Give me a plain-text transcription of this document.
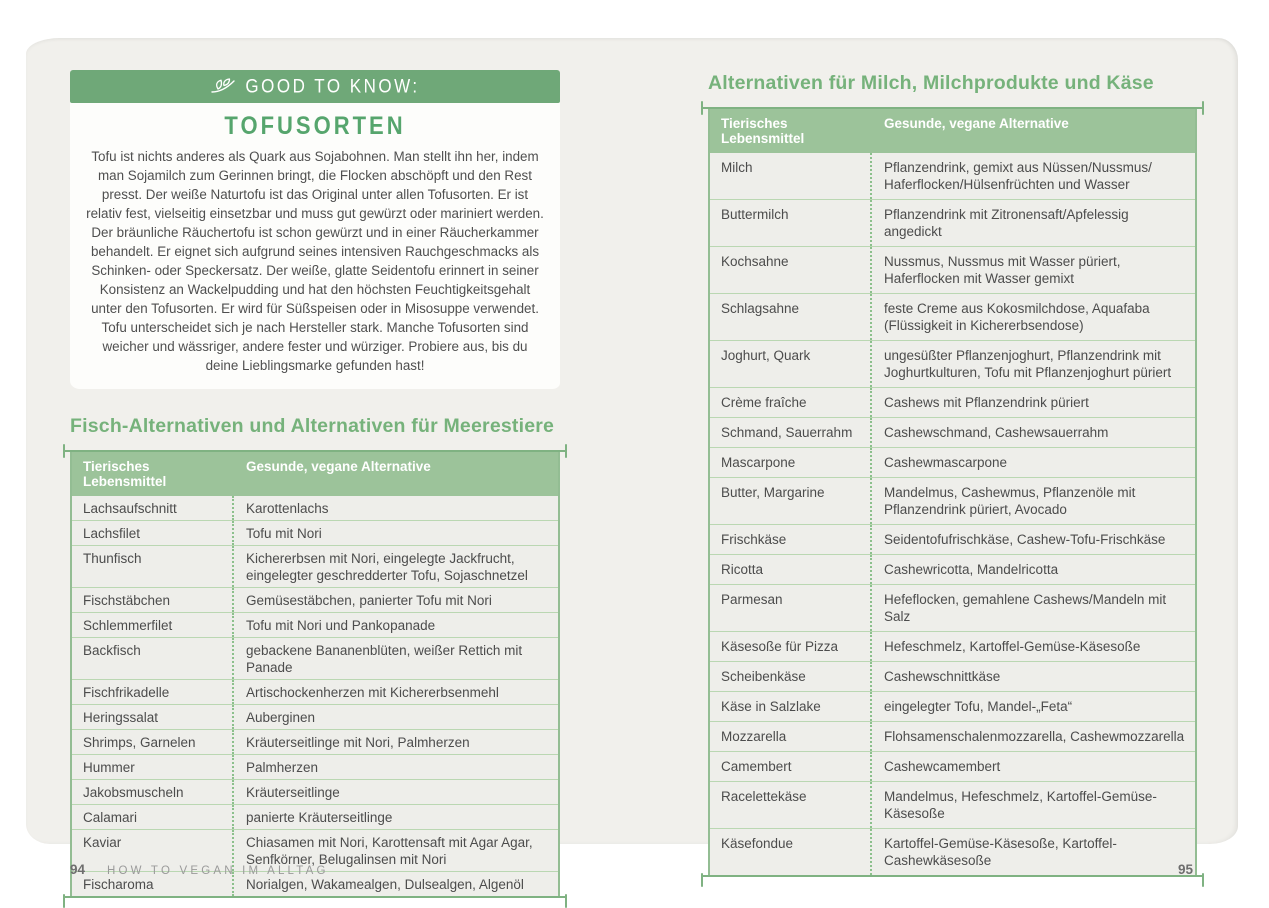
GOOD TO KNOW:
TOFUSORTEN

Tofu ist nichts anderes als Quark aus Sojabohnen. Man stellt ihn her, indem man Sojamilch zum Gerinnen bringt, die Flocken abschöpft und den Rest presst. Der weiße Naturtofu ist das Original unter allen Tofusorten. Er ist relativ fest, vielseitig einsetzbar und muss gut gewürzt oder mariniert werden. Der bräunliche Räuchertofu ist schon gewürzt und in einer Räucherkammer behandelt. Er eignet sich aufgrund seines intensiven Rauchgeschmacks als Schinken- oder Speckersatz. Der weiße, glatte Seidentofu erinnert in seiner Konsistenz an Wackelpudding und hat den höchsten Feuchtigkeitsgehalt unter den Tofusorten. Er wird für Süßspeisen oder in Misosuppe verwendet. Tofu unterscheidet sich je nach Hersteller stark. Manche Tofusorten sind weicher und wässriger, andere fester und würziger. Probiere aus, bis du deine Lieblingsmarke gefunden hast!

Fisch-Alternativen und Alternativen für Meerestiere
Tierisches Lebensmittel
Gesunde, vegane Alternative
Lachsaufschnitt	Karottenlachs
Lachsfilet	Tofu mit Nori
Thunfisch	Kichererbsen mit Nori, eingelegte Jackfrucht, eingelegter geschredderter Tofu, Sojaschnetzel
Fischstäbchen	Gemüsestäbchen, panierter Tofu mit Nori
Schlemmerfilet	Tofu mit Nori und Pankopanade
Backfisch	gebackene Bananenblüten, weißer Rettich mit Panade
Fischfrikadelle	Artischockenherzen mit Kichererbsenmehl
Heringssalat	Auberginen
Shrimps, Garnelen	Kräuterseitlinge mit Nori, Palmherzen
Hummer	Palmherzen
Jakobsmuscheln	Kräuterseitlinge
Calamari	panierte Kräuterseitlinge
Kaviar	Chiasamen mit Nori, Karottensaft mit Agar Agar, Senfkörner, Belugalinsen mit Nori
Fischaroma	Norialgen, Wakamealgen, Dulsealgen, Algenöl
Alternativen für Milch, Milchprodukte und Käse
Tierisches Lebensmittel
Gesunde, vegane Alternative
Milch	Pflanzendrink, gemixt aus Nüssen/Nussmus/ Haferflocken/Hülsenfrüchten und Wasser
Buttermilch	Pflanzendrink mit Zitronensaft/Apfelessig angedickt
Kochsahne	Nussmus, Nussmus mit Wasser püriert, Haferflocken mit Wasser gemixt
Schlagsahne	feste Creme aus Kokosmilchdose, Aquafaba (Flüssigkeit in Kichererbsendose)
Joghurt, Quark	ungesüßter Pflanzenjoghurt, Pflanzendrink mit Joghurtkulturen, Tofu mit Pflanzenjoghurt püriert
Crème fraîche	Cashews mit Pflanzendrink püriert
Schmand, Sauerrahm	Cashewschmand, Cashewsauerrahm
Mascarpone	Cashewmascarpone
Butter, Margarine	Mandelmus, Cashewmus, Pflanzenöle mit Pflanzendrink püriert, Avocado
Frischkäse	Seidentofufrischkäse, Cashew-Tofu-Frischkäse
Ricotta	Cashewricotta, Mandelricotta
Parmesan	Hefeflocken, gemahlene Cashews/Mandeln mit Salz
Käsesoße für Pizza	Hefeschmelz, Kartoffel-Gemüse-Käsesoße
Scheibenkäse	Cashewschnittkäse
Käse in Salzlake	eingelegter Tofu, Mandel-„Feta“
Mozzarella	Flohsamenschalenmozzarella, Cashewmozzarella
Camembert	Cashewcamembert
Racelettekäse	Mandelmus, Hefeschmelz, Kartoffel-Gemüse-Käsesoße
Käsefondue	Kartoffel-Gemüse-Käsesoße, Kartoffel-Cashewkäsesoße
94 HOW TO VEGAN IM ALLTAG	95
